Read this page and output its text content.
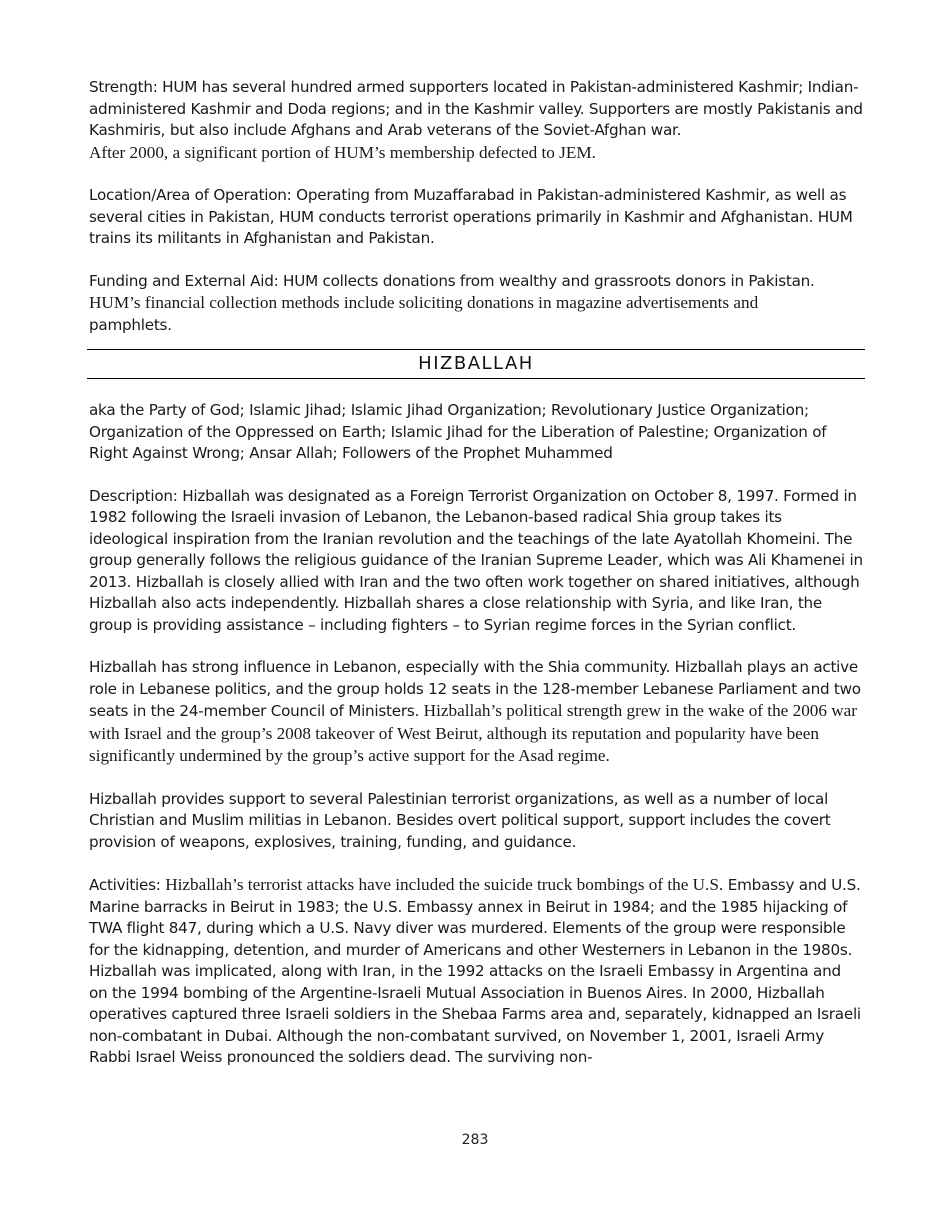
Strength: HUM has several hundred armed supporters located in Pakistan-administered Kashmir; Indian-administered Kashmir and Doda regions; and in the Kashmir valley. Supporters are mostly Pakistanis and Kashmiris, but also include Afghans and Arab veterans of the Soviet-Afghan war.
After 2000, a significant portion of HUM’s membership defected to JEM.

Location/Area of Operation: Operating from Muzaffarabad in Pakistan-administered Kashmir, as well as several cities in Pakistan, HUM conducts terrorist operations primarily in Kashmir and Afghanistan. HUM trains its militants in Afghanistan and Pakistan.

Funding and External Aid: HUM collects donations from wealthy and grassroots donors in Pakistan.
HUM’s financial collection methods include soliciting donations in magazine advertisements and
pamphlets.

HIZBALLAH

aka the Party of God; Islamic Jihad; Islamic Jihad Organization; Revolutionary Justice Organization; Organization of the Oppressed on Earth; Islamic Jihad for the Liberation of Palestine; Organization of Right Against Wrong; Ansar Allah; Followers of the Prophet Muhammed

Description: Hizballah was designated as a Foreign Terrorist Organization on October 8, 1997. Formed in 1982 following the Israeli invasion of Lebanon, the Lebanon-based radical Shia group takes its ideological inspiration from the Iranian revolution and the teachings of the late Ayatollah Khomeini. The group generally follows the religious guidance of the Iranian Supreme Leader, which was Ali Khamenei in 2013. Hizballah is closely allied with Iran and the two often work together on shared initiatives, although Hizballah also acts independently. Hizballah shares a close relationship with Syria, and like Iran, the group is providing assistance – including fighters – to Syrian regime forces in the Syrian conflict.

Hizballah has strong influence in Lebanon, especially with the Shia community. Hizballah plays an active role in Lebanese politics, and the group holds 12 seats in the 128-member Lebanese Parliament and two seats in the 24-member Council of Ministers. Hizballah’s political strength grew in the wake of the 2006 war with Israel and the group’s 2008 takeover of West Beirut, although its reputation and popularity have been significantly undermined by the group’s active support for the Asad regime.

Hizballah provides support to several Palestinian terrorist organizations, as well as a number of local Christian and Muslim militias in Lebanon. Besides overt political support, support includes the covert provision of weapons, explosives, training, funding, and guidance.

Activities: Hizballah’s terrorist attacks have included the suicide truck bombings of the U.S. Embassy and U.S. Marine barracks in Beirut in 1983; the U.S. Embassy annex in Beirut in 1984; and the 1985 hijacking of TWA flight 847, during which a U.S. Navy diver was murdered. Elements of the group were responsible for the kidnapping, detention, and murder of Americans and other Westerners in Lebanon in the 1980s. Hizballah was implicated, along with Iran, in the 1992 attacks on the Israeli Embassy in Argentina and on the 1994 bombing of the Argentine-Israeli Mutual Association in Buenos Aires. In 2000, Hizballah operatives captured three Israeli soldiers in the Shebaa Farms area and, separately, kidnapped an Israeli non-combatant in Dubai. Although the non-combatant survived, on November 1, 2001, Israeli Army Rabbi Israel Weiss pronounced the soldiers dead. The surviving non-

283
